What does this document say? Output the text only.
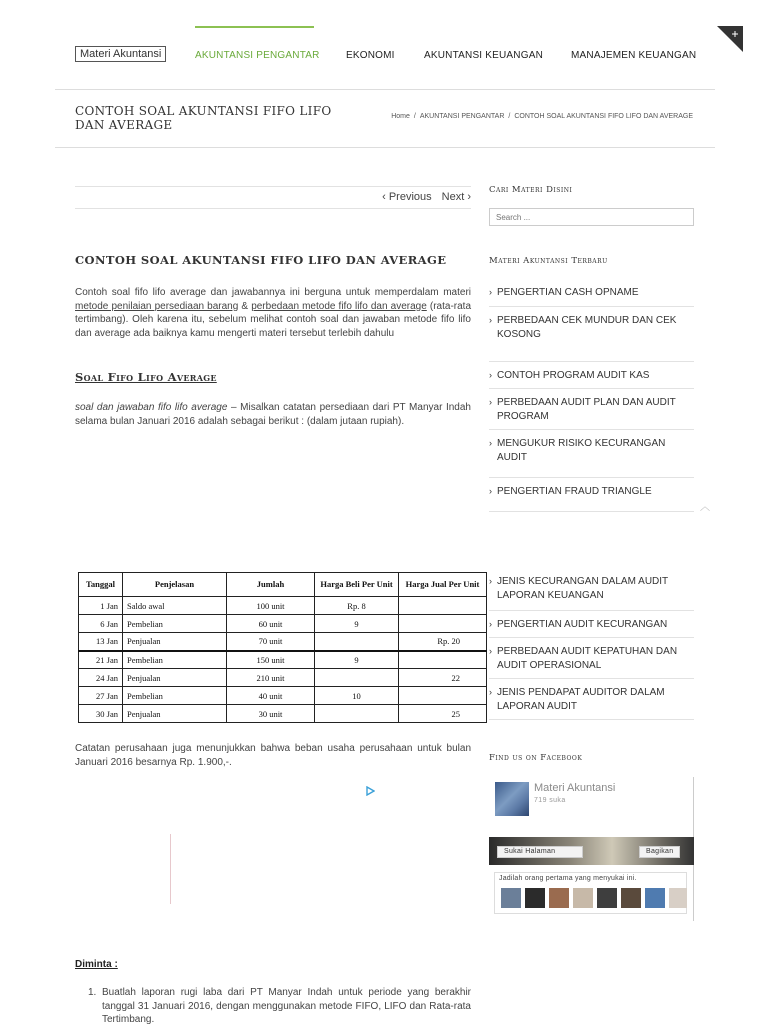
Materi Akuntansi	AKUNTANSI PENGANTAR	EKONOMI	AKUNTANSI KEUANGAN	MANAJEMEN KEUANGAN
CONTOH SOAL AKUNTANSI FIFO LIFO DAN AVERAGE
Home / AKUNTANSI PENGANTAR / CONTOH SOAL AKUNTANSI FIFO LIFO DAN AVERAGE
‹ Previous Next ›
CONTOH SOAL AKUNTANSI FIFO LIFO DAN AVERAGE

Contoh soal fifo lifo average dan jawabannya ini berguna untuk memperdalam materi metode penilaian persediaan barang & perbedaan metode fifo lifo dan average (rata-rata tertimbang). Oleh karena itu, sebelum melihat contoh soal dan jawaban metode fifo lifo dan average ada baiknya kamu mengerti materi tersebut terlebih dahulu

Soal Fifo Lifo Average

soal dan jawaban fifo lifo average – Misalkan catatan persediaan dari PT Manyar Indah selama bulan Januari 2016 adalah sebagai berikut : (dalam jutaan rupiah).

Tanggal	Penjelasan	Jumlah	Harga Beli Per Unit	Harga Jual Per Unit
1 Jan	Saldo awal	100 unit	Rp. 8	
6 Jan	Pembelian	60 unit	9	
13 Jan	Penjualan	70 unit		Rp. 20
21 Jan	Pembelian	150 unit	9	
24 Jan	Penjualan	210 unit		22
27 Jan	Pembelian	40 unit	10	
30 Jan	Penjualan	30 unit		25

Catatan perusahaan juga menunjukkan bahwa beban usaha perusahaan untuk bulan Januari 2016 besarnya Rp. 1.900,-.

Diminta :
1. Buatlah laporan rugi laba dari PT Manyar Indah untuk periode yang berakhir tanggal 31 Januari 2016, dengan menggunakan metode FIFO, LIFO dan Rata-rata Tertimbang.
Cari Materi Disini
Search ...
Materi Akuntansi Terbaru
› PENGERTIAN CASH OPNAME
› PERBEDAAN CEK MUNDUR DAN CEK KOSONG
› CONTOH PROGRAM AUDIT KAS
› PERBEDAAN AUDIT PLAN DAN AUDIT PROGRAM
› MENGUKUR RISIKO KECURANGAN AUDIT
› PENGERTIAN FRAUD TRIANGLE
︿
› JENIS KECURANGAN DALAM AUDIT LAPORAN KEUANGAN
› PENGERTIAN AUDIT KECURANGAN
› PERBEDAAN AUDIT KEPATUHAN DAN AUDIT OPERASIONAL
› JENIS PENDAPAT AUDITOR DALAM LAPORAN AUDIT
Find us on Facebook
Materi Akuntansi
719 suka
Sukai Halaman	Bagikan
Jadilah orang pertama yang menyukai ini.
